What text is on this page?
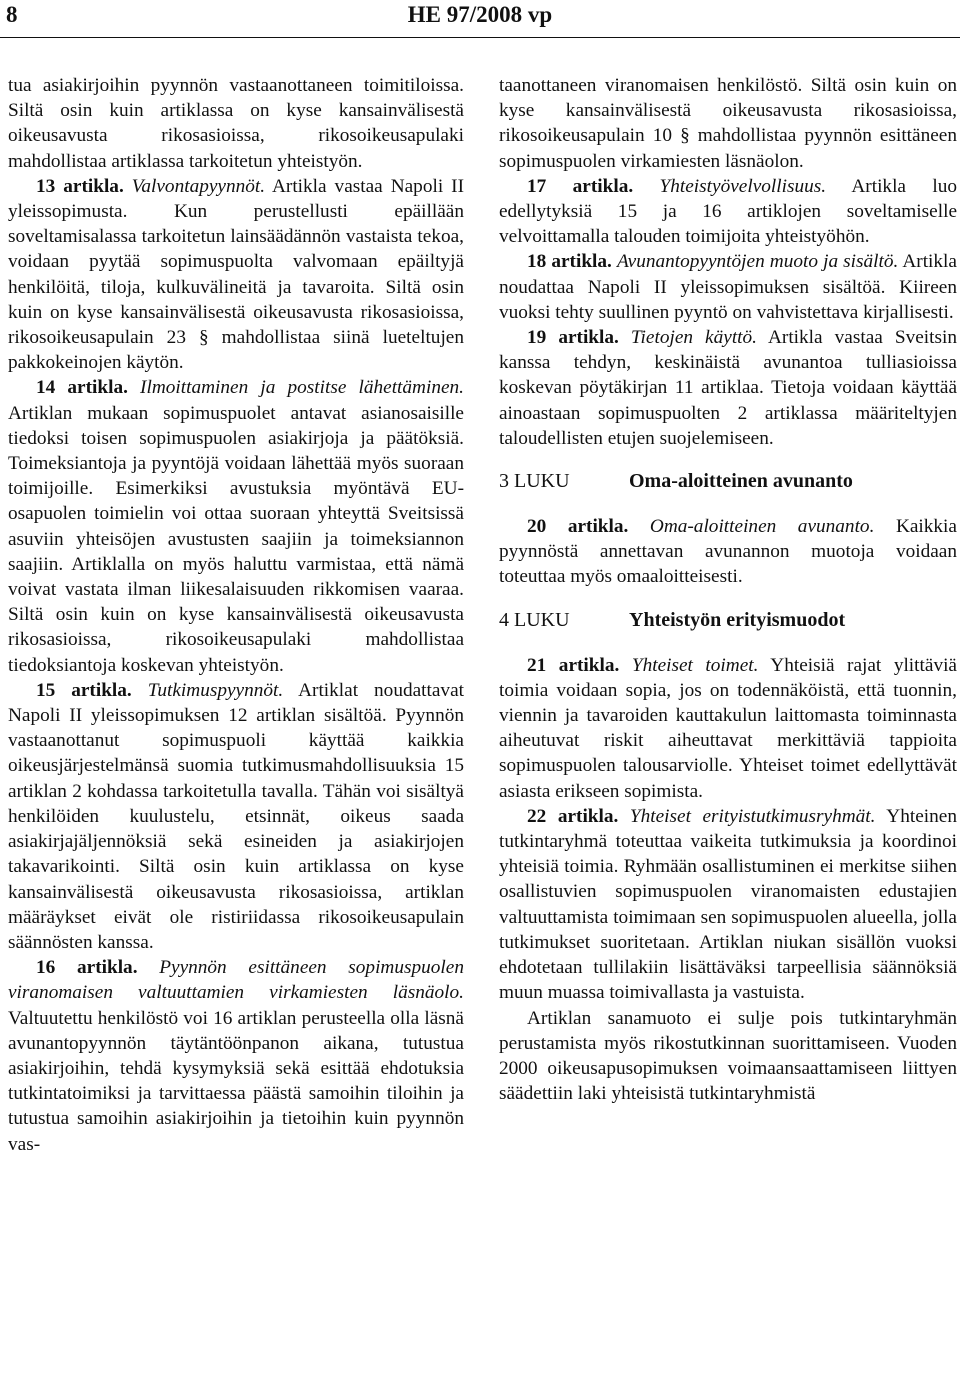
8	HE 97/2008 vp

tua asiakirjoihin pyynnön vastaanottaneen toimitiloissa. Siltä osin kuin artiklassa on kyse kansainvälisestä oikeusavusta rikosasioissa, rikosoikeusapulaki mahdollistaa artiklassa tarkoitetun yhteistyön.

13 artikla. Valvontapyynnöt. Artikla vastaa Napoli II yleissopimusta. Kun perustellusti epäillään soveltamisalassa tarkoitetun lainsäädännön vastaista tekoa, voidaan pyytää sopimuspuolta valvomaan epäiltyjä henkilöitä, tiloja, kulkuvälineitä ja tavaroita. Siltä osin kuin on kyse kansainvälisestä oikeusavusta rikosasioissa, rikosoikeusapulain 23 § mahdollistaa siinä lueteltujen pakkokeinojen käytön.

14 artikla. Ilmoittaminen ja postitse lähettäminen. Artiklan mukaan sopimuspuolet antavat asianosaisille tiedoksi toisen sopimuspuolen asiakirjoja ja päätöksiä. Toimeksiantoja ja pyyntöjä voidaan lähettää myös suoraan toimijoille. Esimerkiksi avustuksia myöntävä EU-osapuolen toimielin voi ottaa suoraan yhteyttä Sveitsissä asuviin yhteisöjen avustusten saajiin ja toimeksiannon saajiin. Artiklalla on myös haluttu varmistaa, että nämä voivat vastata ilman liikesalaisuuden rikkomisen vaaraa. Siltä osin kuin on kyse kansainvälisestä oikeusavusta rikosasioissa, rikosoikeusapulaki mahdollistaa tiedoksiantoja koskevan yhteistyön.

15 artikla. Tutkimuspyynnöt. Artiklat noudattavat Napoli II yleissopimuksen 12 artiklan sisältöä. Pyynnön vastaanottanut sopimuspuoli käyttää kaikkia oikeusjärjestelmänsä suomia tutkimusmahdollisuuksia 15 artiklan 2 kohdassa tarkoitetulla tavalla. Tähän voi sisältyä henkilöiden kuulustelu, etsinnät, oikeus saada asiakirjajäljennöksiä sekä esineiden ja asiakirjojen takavarikointi. Siltä osin kuin artiklassa on kyse kansainvälisestä oikeusavusta rikosasioissa, artiklan määräykset eivät ole ristiriidassa rikosoikeusapulain säännösten kanssa.

16 artikla. Pyynnön esittäneen sopimuspuolen viranomaisen valtuuttamien virkamiesten läsnäolo. Valtuutettu henkilöstö voi 16 artiklan perusteella olla läsnä avunantopyynnön täytäntöönpanon aikana, tutustua asiakirjoihin, tehdä kysymyksiä sekä esittää ehdotuksia tutkintatoimiksi ja tarvittaessa päästä samoihin tiloihin ja tutustua samoihin asiakirjoihin ja tietoihin kuin pyynnön vas-

taanottaneen viranomaisen henkilöstö. Siltä osin kuin on kyse kansainvälisestä oikeusavusta rikosasioissa, rikosoikeusapulain 10 § mahdollistaa pyynnön esittäneen sopimuspuolen virkamiesten läsnäolon.

17 artikla. Yhteistyövelvollisuus. Artikla luo edellytyksiä 15 ja 16 artiklojen soveltamiselle velvoittamalla talouden toimijoita yhteistyöhön.

18 artikla. Avunantopyyntöjen muoto ja sisältö. Artikla noudattaa Napoli II yleissopimuksen sisältöä. Kiireen vuoksi tehty suullinen pyyntö on vahvistettava kirjallisesti.

19 artikla. Tietojen käyttö. Artikla vastaa Sveitsin kanssa tehdyn, keskinäistä avunantoa tulliasioissa koskevan pöytäkirjan 11 artiklaa. Tietoja voidaan käyttää ainoastaan sopimuspuolten 2 artiklassa määriteltyjen taloudellisten etujen suojelemiseen.

3 LUKU	Oma-aloitteinen avunanto

20 artikla. Oma-aloitteinen avunanto. Kaikkia pyynnöstä annettavan avunannon muotoja voidaan toteuttaa myös omaaloitteisesti.

4 LUKU	Yhteistyön erityismuodot

21 artikla. Yhteiset toimet. Yhteisiä rajat ylittäviä toimia voidaan sopia, jos on todennäköistä, että tuonnin, viennin ja tavaroiden kauttakulun laittomasta toiminnasta aiheutuvat riskit aiheuttavat merkittäviä tappioita sopimuspuolen talousarviolle. Yhteiset toimet edellyttävät asiasta erikseen sopimista.

22 artikla. Yhteiset erityistutkimusryhmät. Yhteinen tutkintaryhmä toteuttaa vaikeita tutkimuksia ja koordinoi yhteisiä toimia. Ryhmään osallistuminen ei merkitse siihen osallistuvien sopimuspuolen viranomaisten edustajien valtuuttamista toimimaan sen sopimuspuolen alueella, jolla tutkimukset suoritetaan. Artiklan niukan sisällön vuoksi ehdotetaan tullilakiin lisättäväksi tarpeellisia säännöksiä muun muassa toimivallasta ja vastuista.

Artiklan sanamuoto ei sulje pois tutkintaryhmän perustamista myös rikostutkinnan suorittamiseen. Vuoden 2000 oikeusapusopimuksen voimaansaattamiseen liittyen säädettiin laki yhteisistä tutkintaryhmistä
